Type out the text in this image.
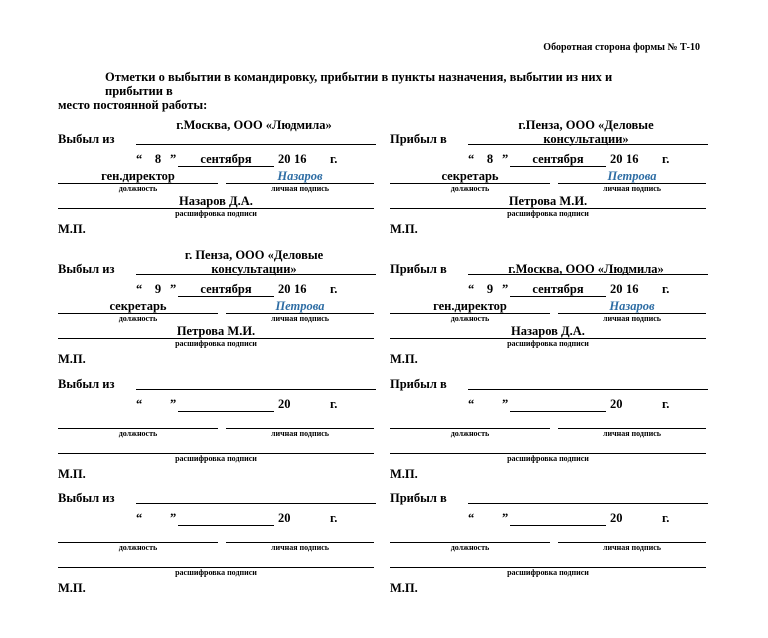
Оборотная сторона формы № Т-10
Отметки о выбытии в командировку, прибытии в пункты назначения, выбытии из них и прибытии в
место постоянной работы:
Выбыл из
г.Москва, ООО «Людмила»
“	8 ”	сентября	20 16 г.
ген.директор
должность
Назаров
личная подпись
Назаров Д.А.
расшифровка подписи
М.П.
Прибыл в
г.Пенза, ООО «Деловые
консультации»
“	8 ”	сентября	20 16 г.
секретарь
должность
Петрова
личная подпись
Петрова М.И.
расшифровка подписи
М.П.
Выбыл из
г. Пенза, ООО «Деловые
консультации»
“	9 ”	сентября	20 16 г.
секретарь
должность
Петрова
личная подпись
Петрова М.И.
расшифровка подписи
М.П.
Прибыл в	г.Москва, ООО «Людмила»
“	9 ”	сентября	20 16 г.
ген.директор
должность
Назаров
личная подпись
Назаров Д.А.
расшифровка подписи
М.П.
Выбыл из
“ ”	20	г.
должность	личная подпись
расшифровка подписи
М.П.
Прибыл в
“ ”	20	г.
должность	личная подпись
расшифровка подписи
М.П.
Выбыл из
“ ”	20	г.
должность	личная подпись
расшифровка подписи
М.П.
Прибыл в
“ ”	20	г.
должность	личная подпись
расшифровка подписи
М.П.
